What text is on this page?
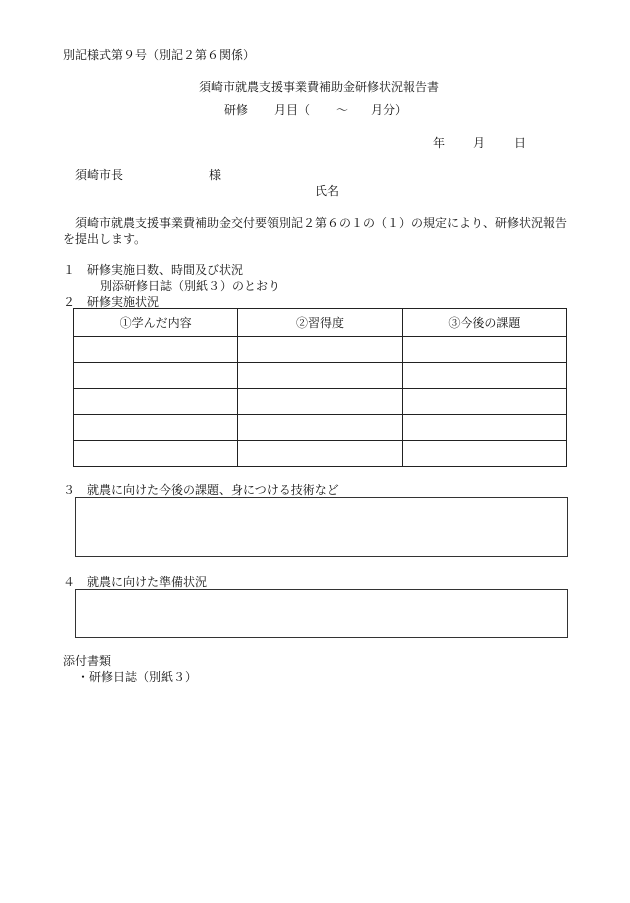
別記様式第９号（別記２第６関係）
須崎市就農支援事業費補助金研修状況報告書
研修 月目（ ～ 月分）
年 月 日
須崎市長	様
氏名
須崎市就農支援事業費補助金交付要領別記２第６の１の（１）の規定により、研修状況報告
を提出します。
１ 研修実施日数、時間及び状況
別添研修日誌（別紙３）のとおり
２ 研修実施状況
①学んだ内容	②習得度	③今後の課題

３ 就農に向けた今後の課題、身につける技術など
４ 就農に向けた準備状況
添付書類
・研修日誌（別紙３）
